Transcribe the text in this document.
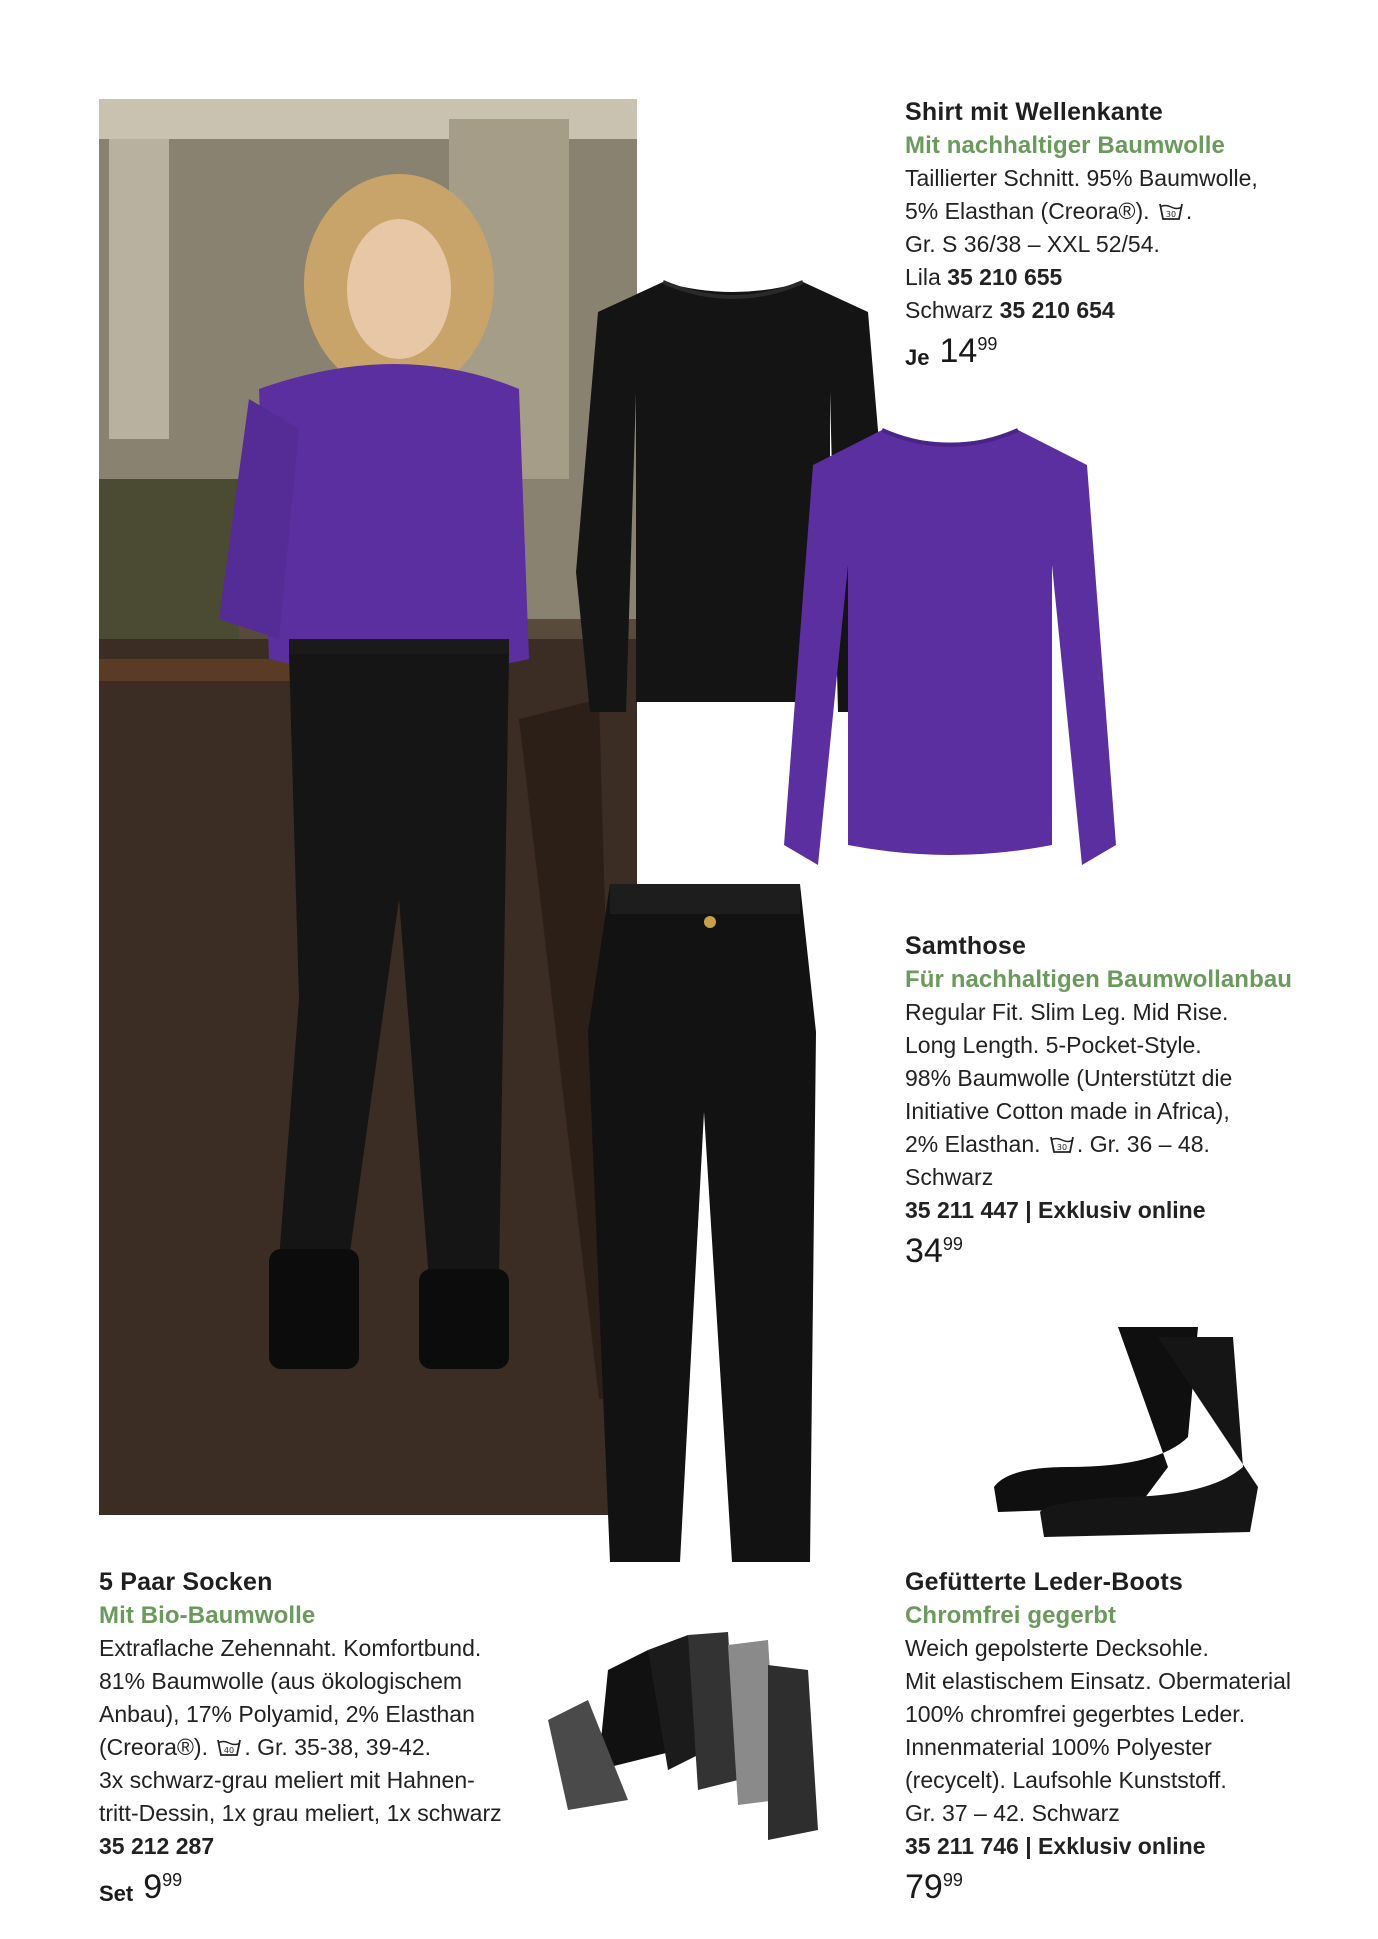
Shirt mit Wellenkante
Mit nachhaltiger Baumwolle
Taillierter Schnitt. 95% Baumwolle,
5% Elasthan (Creora®). 30 .
Gr. S 36/38 – XXL 52/54.
Lila 35 210 655
Schwarz 35 210 654
Je 14 99
Samthose
Für nachhaltigen Baumwollanbau
Regular Fit. Slim Leg. Mid Rise.
Long Length. 5-Pocket-Style.
98% Baumwolle (Unterstützt die
Initiative Cotton made in Africa),
2% Elasthan. 30 . Gr. 36 – 48.
Schwarz
35 211 447 | Exklusiv online
34 99
5 Paar Socken
Mit Bio-Baumwolle
Extraflache Zehennaht. Komfortbund.
81% Baumwolle (aus ökologischem
Anbau), 17% Polyamid, 2% Elasthan
(Creora®). 40 . Gr. 35-38, 39-42.
3x schwarz-grau meliert mit Hahnen-
tritt-Dessin, 1x grau meliert, 1x schwarz
35 212 287
Set 9 99
Gefütterte Leder-Boots
Chromfrei gegerbt
Weich gepolsterte Decksohle.
Mit elastischem Einsatz. Obermaterial
100% chromfrei gegerbtes Leder.
Innenmaterial 100% Polyester
(recycelt). Laufsohle Kunststoff.
Gr. 37 – 42. Schwarz
35 211 746 | Exklusiv online
79 99
